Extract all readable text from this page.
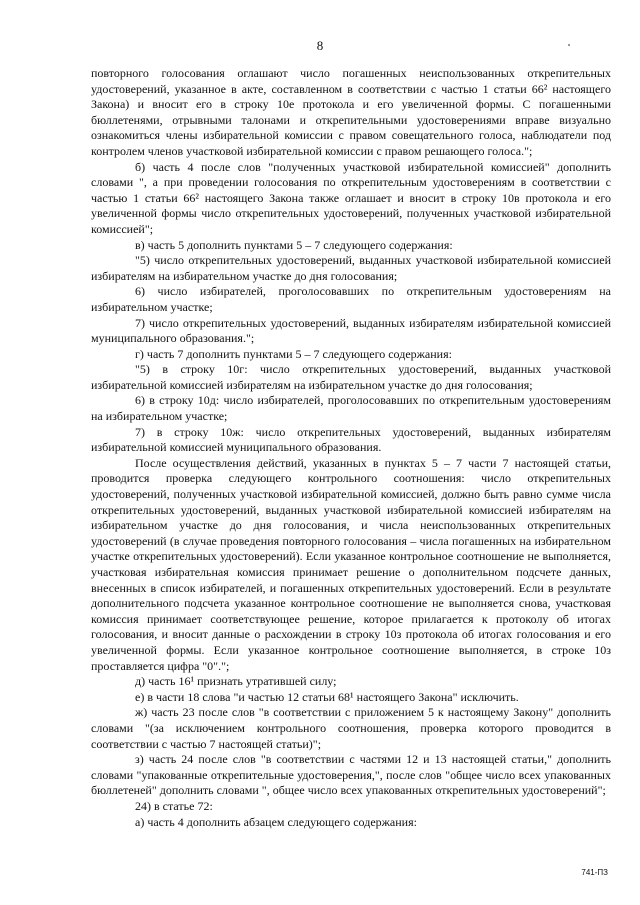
8

повторного голосования оглашают число погашенных неиспользованных открепительных удостоверений, указанное в акте, составленном в соответствии с частью 1 статьи 66² настоящего Закона) и вносит его в строку 10е протокола и его увеличенной формы. С погашенными бюллетенями, отрывными талонами и открепительными удостоверениями вправе визуально ознакомиться члены избирательной комиссии с правом совещательного голоса, наблюдатели под контролем членов участковой избирательной комиссии с правом решающего голоса.";

б) часть 4 после слов "полученных участковой избирательной комиссией" дополнить словами ", а при проведении голосования по открепительным удостоверениям в соответствии с частью 1 статьи 66² настоящего Закона также оглашает и вносит в строку 10в протокола и его увеличенной формы число открепительных удостоверений, полученных участковой избирательной комиссией";

в) часть 5 дополнить пунктами 5 – 7 следующего содержания:

"5) число открепительных удостоверений, выданных участковой избирательной комиссией избирателям на избирательном участке до дня голосования;

6) число избирателей, проголосовавших по открепительным удостоверениям на избирательном участке;

7) число открепительных удостоверений, выданных избирателям избирательной комиссией муниципального образования.";

г) часть 7 дополнить пунктами 5 – 7 следующего содержания:

"5) в строку 10г: число открепительных удостоверений, выданных участковой избирательной комиссией избирателям на избирательном участке до дня голосования;

6) в строку 10д: число избирателей, проголосовавших по открепительным удостоверениям на избирательном участке;

7) в строку 10ж: число открепительных удостоверений, выданных избирателям избирательной комиссией муниципального образования.

После осуществления действий, указанных в пунктах 5 – 7 части 7 настоящей статьи, проводится проверка следующего контрольного соотношения: число открепительных удостоверений, полученных участковой избирательной комиссией, должно быть равно сумме числа открепительных удостоверений, выданных участковой избирательной комиссией избирателям на избирательном участке до дня голосования, и числа неиспользованных открепительных удостоверений (в случае проведения повторного голосования – числа погашенных на избирательном участке открепительных удостоверений). Если указанное контрольное соотношение не выполняется, участковая избирательная комиссия принимает решение о дополнительном подсчете данных, внесенных в список избирателей, и погашенных открепительных удостоверений. Если в результате дополнительного подсчета указанное контрольное соотношение не выполняется снова, участковая комиссия принимает соответствующее решение, которое прилагается к протоколу об итогах голосования, и вносит данные о расхождении в строку 10з протокола об итогах голосования и его увеличенной формы. Если указанное контрольное соотношение выполняется, в строке 10з проставляется цифра "0".";

д) часть 16¹ признать утратившей силу;

е) в части 18 слова "и частью 12 статьи 68¹ настоящего Закона" исключить.

ж) часть 23 после слов "в соответствии с приложением 5 к настоящему Закону" дополнить словами "(за исключением контрольного соотношения, проверка которого проводится в соответствии с частью 7 настоящей статьи)";

з) часть 24 после слов "в соответствии с частями 12 и 13 настоящей статьи," дополнить словами "упакованные открепительные удостоверения,", после слов "общее число всех упакованных бюллетеней" дополнить словами ", общее число всех упакованных открепительных удостоверений";

24) в статье 72:

а) часть 4 дополнить абзацем следующего содержания:

741-ПЗ
